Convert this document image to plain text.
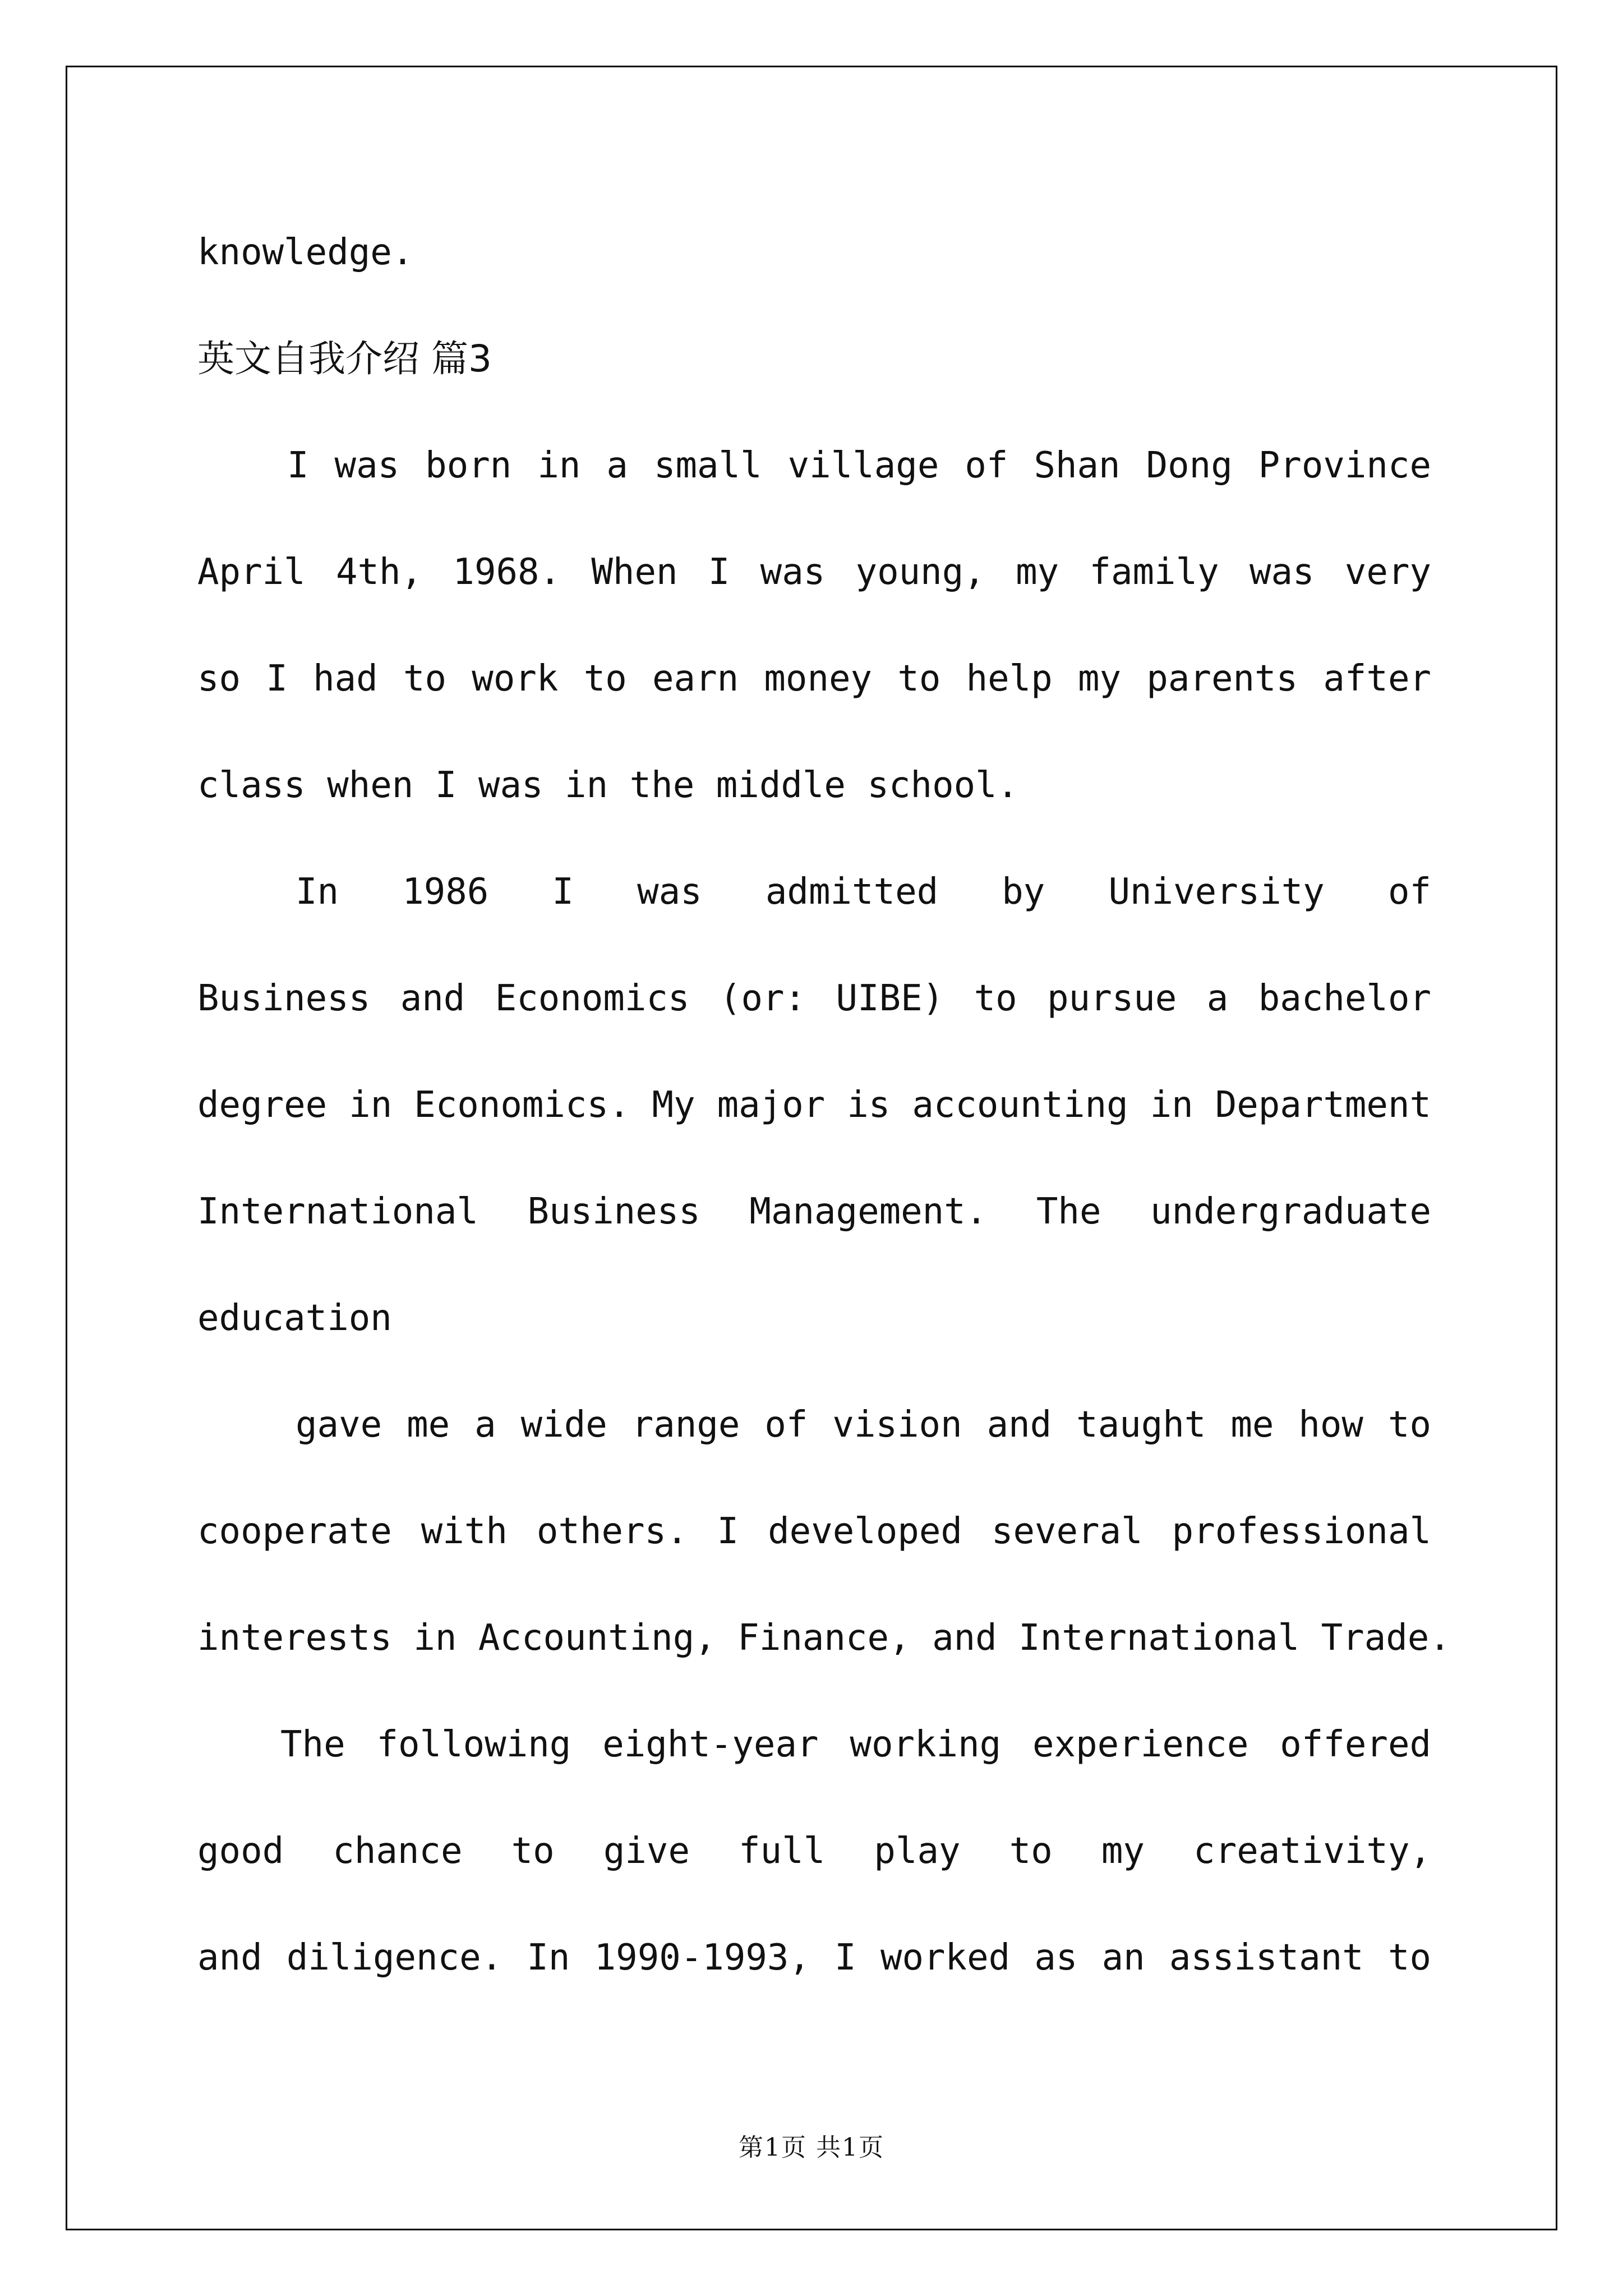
knowledge.
英文自我介绍 篇3
I was born in a small village of Shan Dong Province
April 4th, 1968. When I was young, my family was very
so I had to work to earn money to help my parents after
class when I was in the middle school.
In 1986 I was admitted by University of
Business and Economics (or: UIBE) to pursue a bachelor
degree in Economics. My major is accounting in Department
International Business Management. The undergraduate
education
gave me a wide range of vision and taught me how to
cooperate with others. I developed several professional
interests in Accounting, Finance, and International Trade.
The following eight-year working experience offered
good chance to give full play to my creativity,
and diligence. In 1990-1993, I worked as an assistant to
第1页 共1页
